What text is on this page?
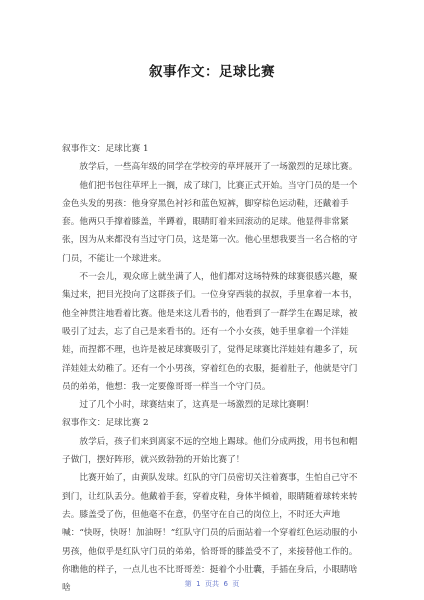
叙事作文：足球比赛

叙事作文：足球比赛 1

放学后，一些高年级的同学在学校旁的草坪展开了一场激烈的足球比赛。

他们把书包往草坪上一搁，成了球门，比赛正式开始。当守门员的是一个金色头发的男孩：他身穿黑色衬衫和蓝色短裤，脚穿棕色运动鞋，还戴着手套。他两只手撑着膝盖，半蹲着，眼睛盯着来回滚动的足球。他显得非常紧张，因为从来都没有当过守门员，这是第一次。他心里想我要当一名合格的守门员，不能让一个球进来。

不一会儿，观众席上就坐满了人，他们都对这场特殊的球赛很感兴趣，聚集过来，把目光投向了这群孩子们。一位身穿西装的叔叔，手里拿着一本书，他全神贯注地看着比赛。他是来这儿看书的，他看到了一群学生在踢足球，被吸引了过去，忘了自己是来看书的。还有一个小女孩，她手里拿着一个洋娃娃，而捏都不理，也许是被足球赛吸引了，觉得足球赛比洋娃娃有趣多了，玩洋娃娃太幼稚了。还有一个小男孩，穿着红色的衣服，挺着肚子，他就是守门员的弟弟，他想：我一定要像哥哥一样当一个守门员。

过了几个小时，球赛结束了，这真是一场激烈的足球比赛啊！

叙事作文：足球比赛 2

放学后，孩子们来到离家不远的空地上踢球。他们分成两拨，用书包和帽子做门，摆好阵形，就兴致勃勃的开始比赛了！

比赛开始了，由黄队发球。红队的守门员密切关注着赛事，生怕自己守不到门，让红队丢分。他戴着手套，穿着皮鞋，身体半倾着，眼睛随着球转来转去。膝盖受了伤，但他毫不在意，仍坚守在自己的岗位上，不时还大声地喊：“快呀，快呀！加油呀！”红队守门员的后面站着一个穿着红色运动服的小男孩，他似乎是红队守门员的弟弟，恰哥哥的膝盖受不了，来接替他工作的。你瞧他的样子，一点儿也不比哥哥差：挺着个小肚囊，手插在身后，小眼睛啥啥	第  1  页共  6  页
